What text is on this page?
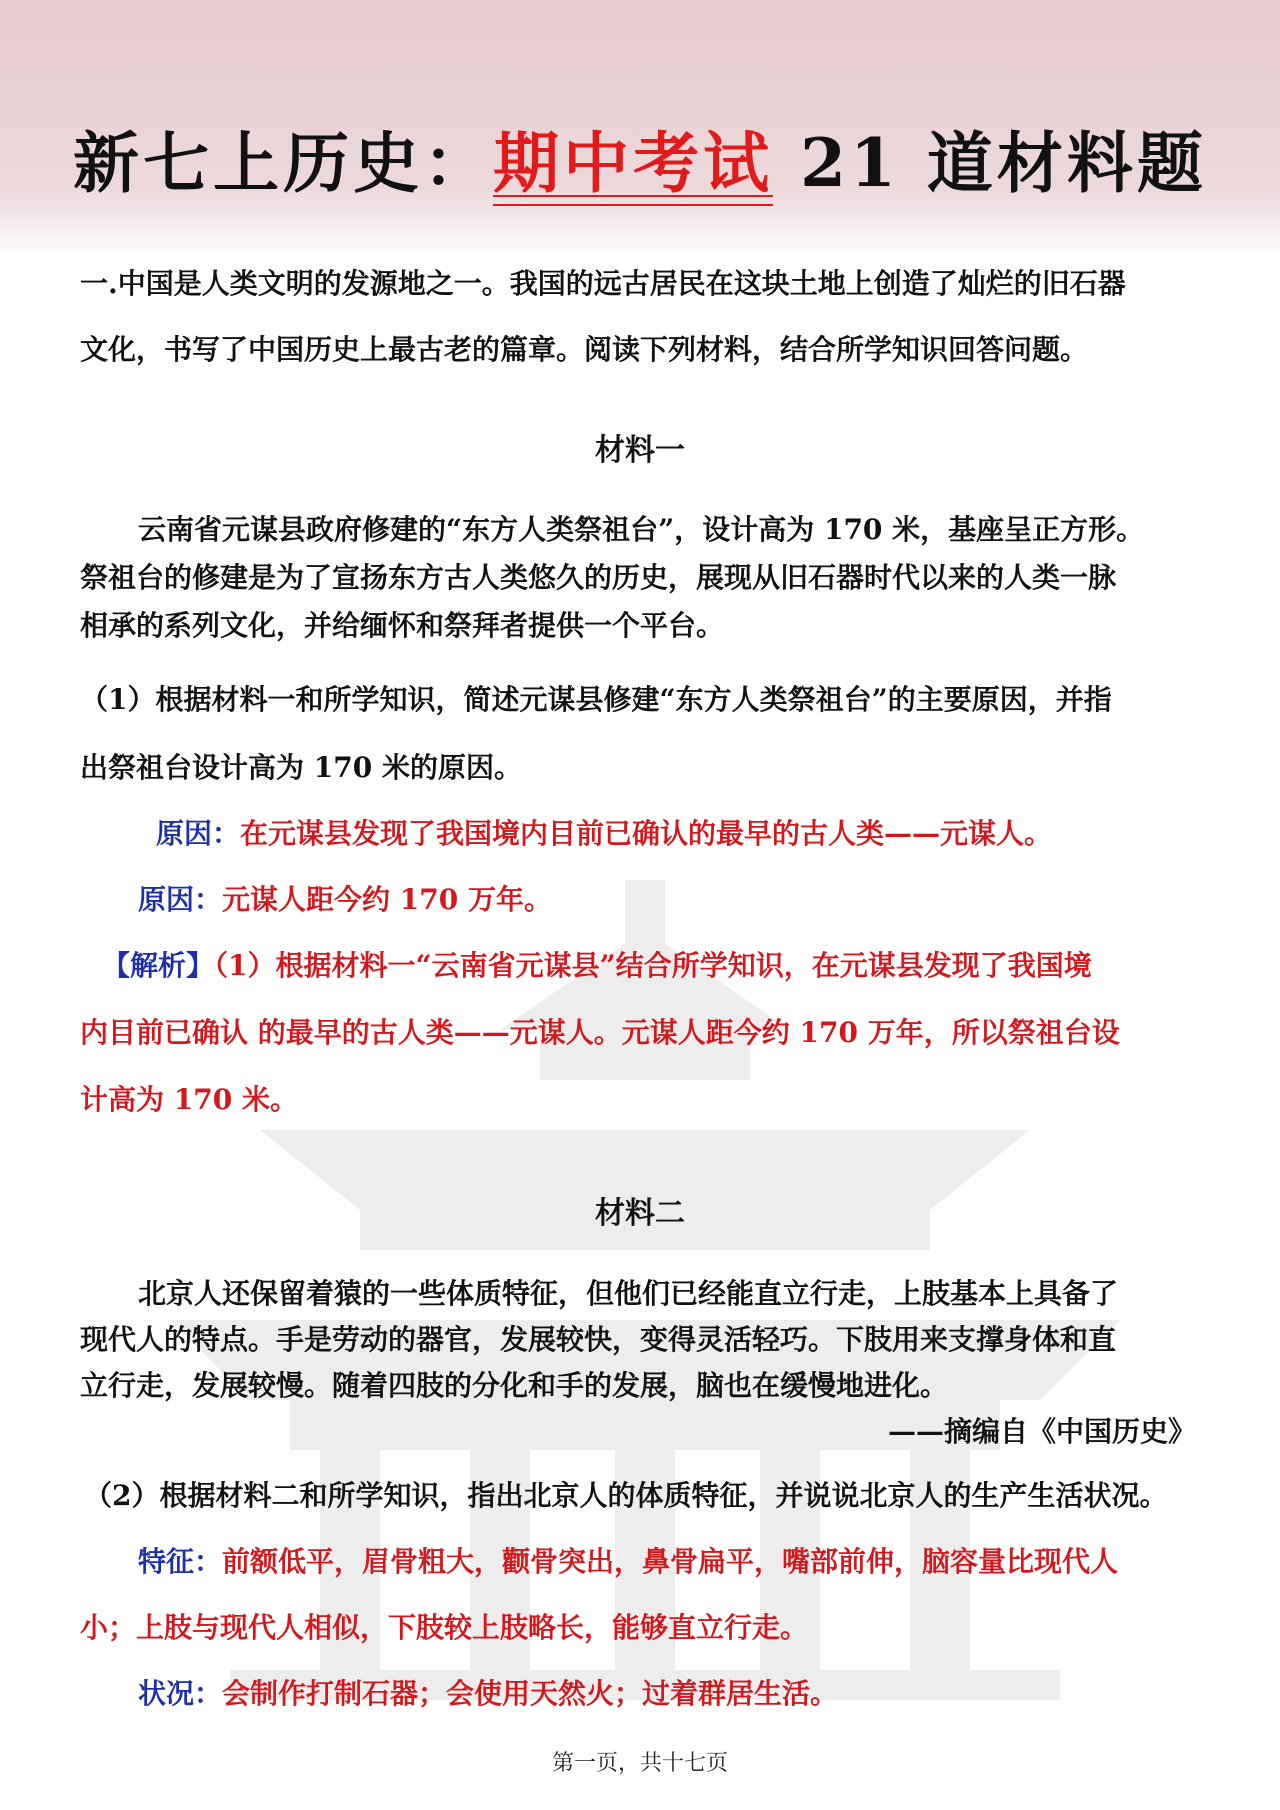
新七上历史：期中考试 21 道材料题
一.中国是人类文明的发源地之一。我国的远古居民在这块土地上创造了灿烂的旧石器
文化，书写了中国历史上最古老的篇章。阅读下列材料，结合所学知识回答问题。
材料一
云南省元谋县政府修建的“东方人类祭祖台”，设计高为 170 米，基座呈正方形。
祭祖台的修建是为了宣扬东方古人类悠久的历史，展现从旧石器时代以来的人类一脉
相承的系列文化，并给缅怀和祭拜者提供一个平台。
（1）根据材料一和所学知识，简述元谋县修建“东方人类祭祖台”的主要原因，并指
出祭祖台设计高为 170 米的原因。
原因：在元谋县发现了我国境内目前已确认的最早的古人类——元谋人。
原因：元谋人距今约 170 万年。
【解析】（1）根据材料一“云南省元谋县”结合所学知识，在元谋县发现了我国境
内目前已确认 的最早的古人类——元谋人。元谋人距今约 170 万年，所以祭祖台设
计高为 170 米。
材料二
北京人还保留着猿的一些体质特征，但他们已经能直立行走，上肢基本上具备了
现代人的特点。手是劳动的器官，发展较快，变得灵活轻巧。下肢用来支撑身体和直
立行走，发展较慢。随着四肢的分化和手的发展，脑也在缓慢地进化。
——摘编自《中国历史》
（2）根据材料二和所学知识，指出北京人的体质特征，并说说北京人的生产生活状况。
特征：前额低平，眉骨粗大，颧骨突出，鼻骨扁平，嘴部前伸，脑容量比现代人
小；上肢与现代人相似，下肢较上肢略长，能够直立行走。
状况：会制作打制石器；会使用天然火；过着群居生活。
第一页，共十七页
